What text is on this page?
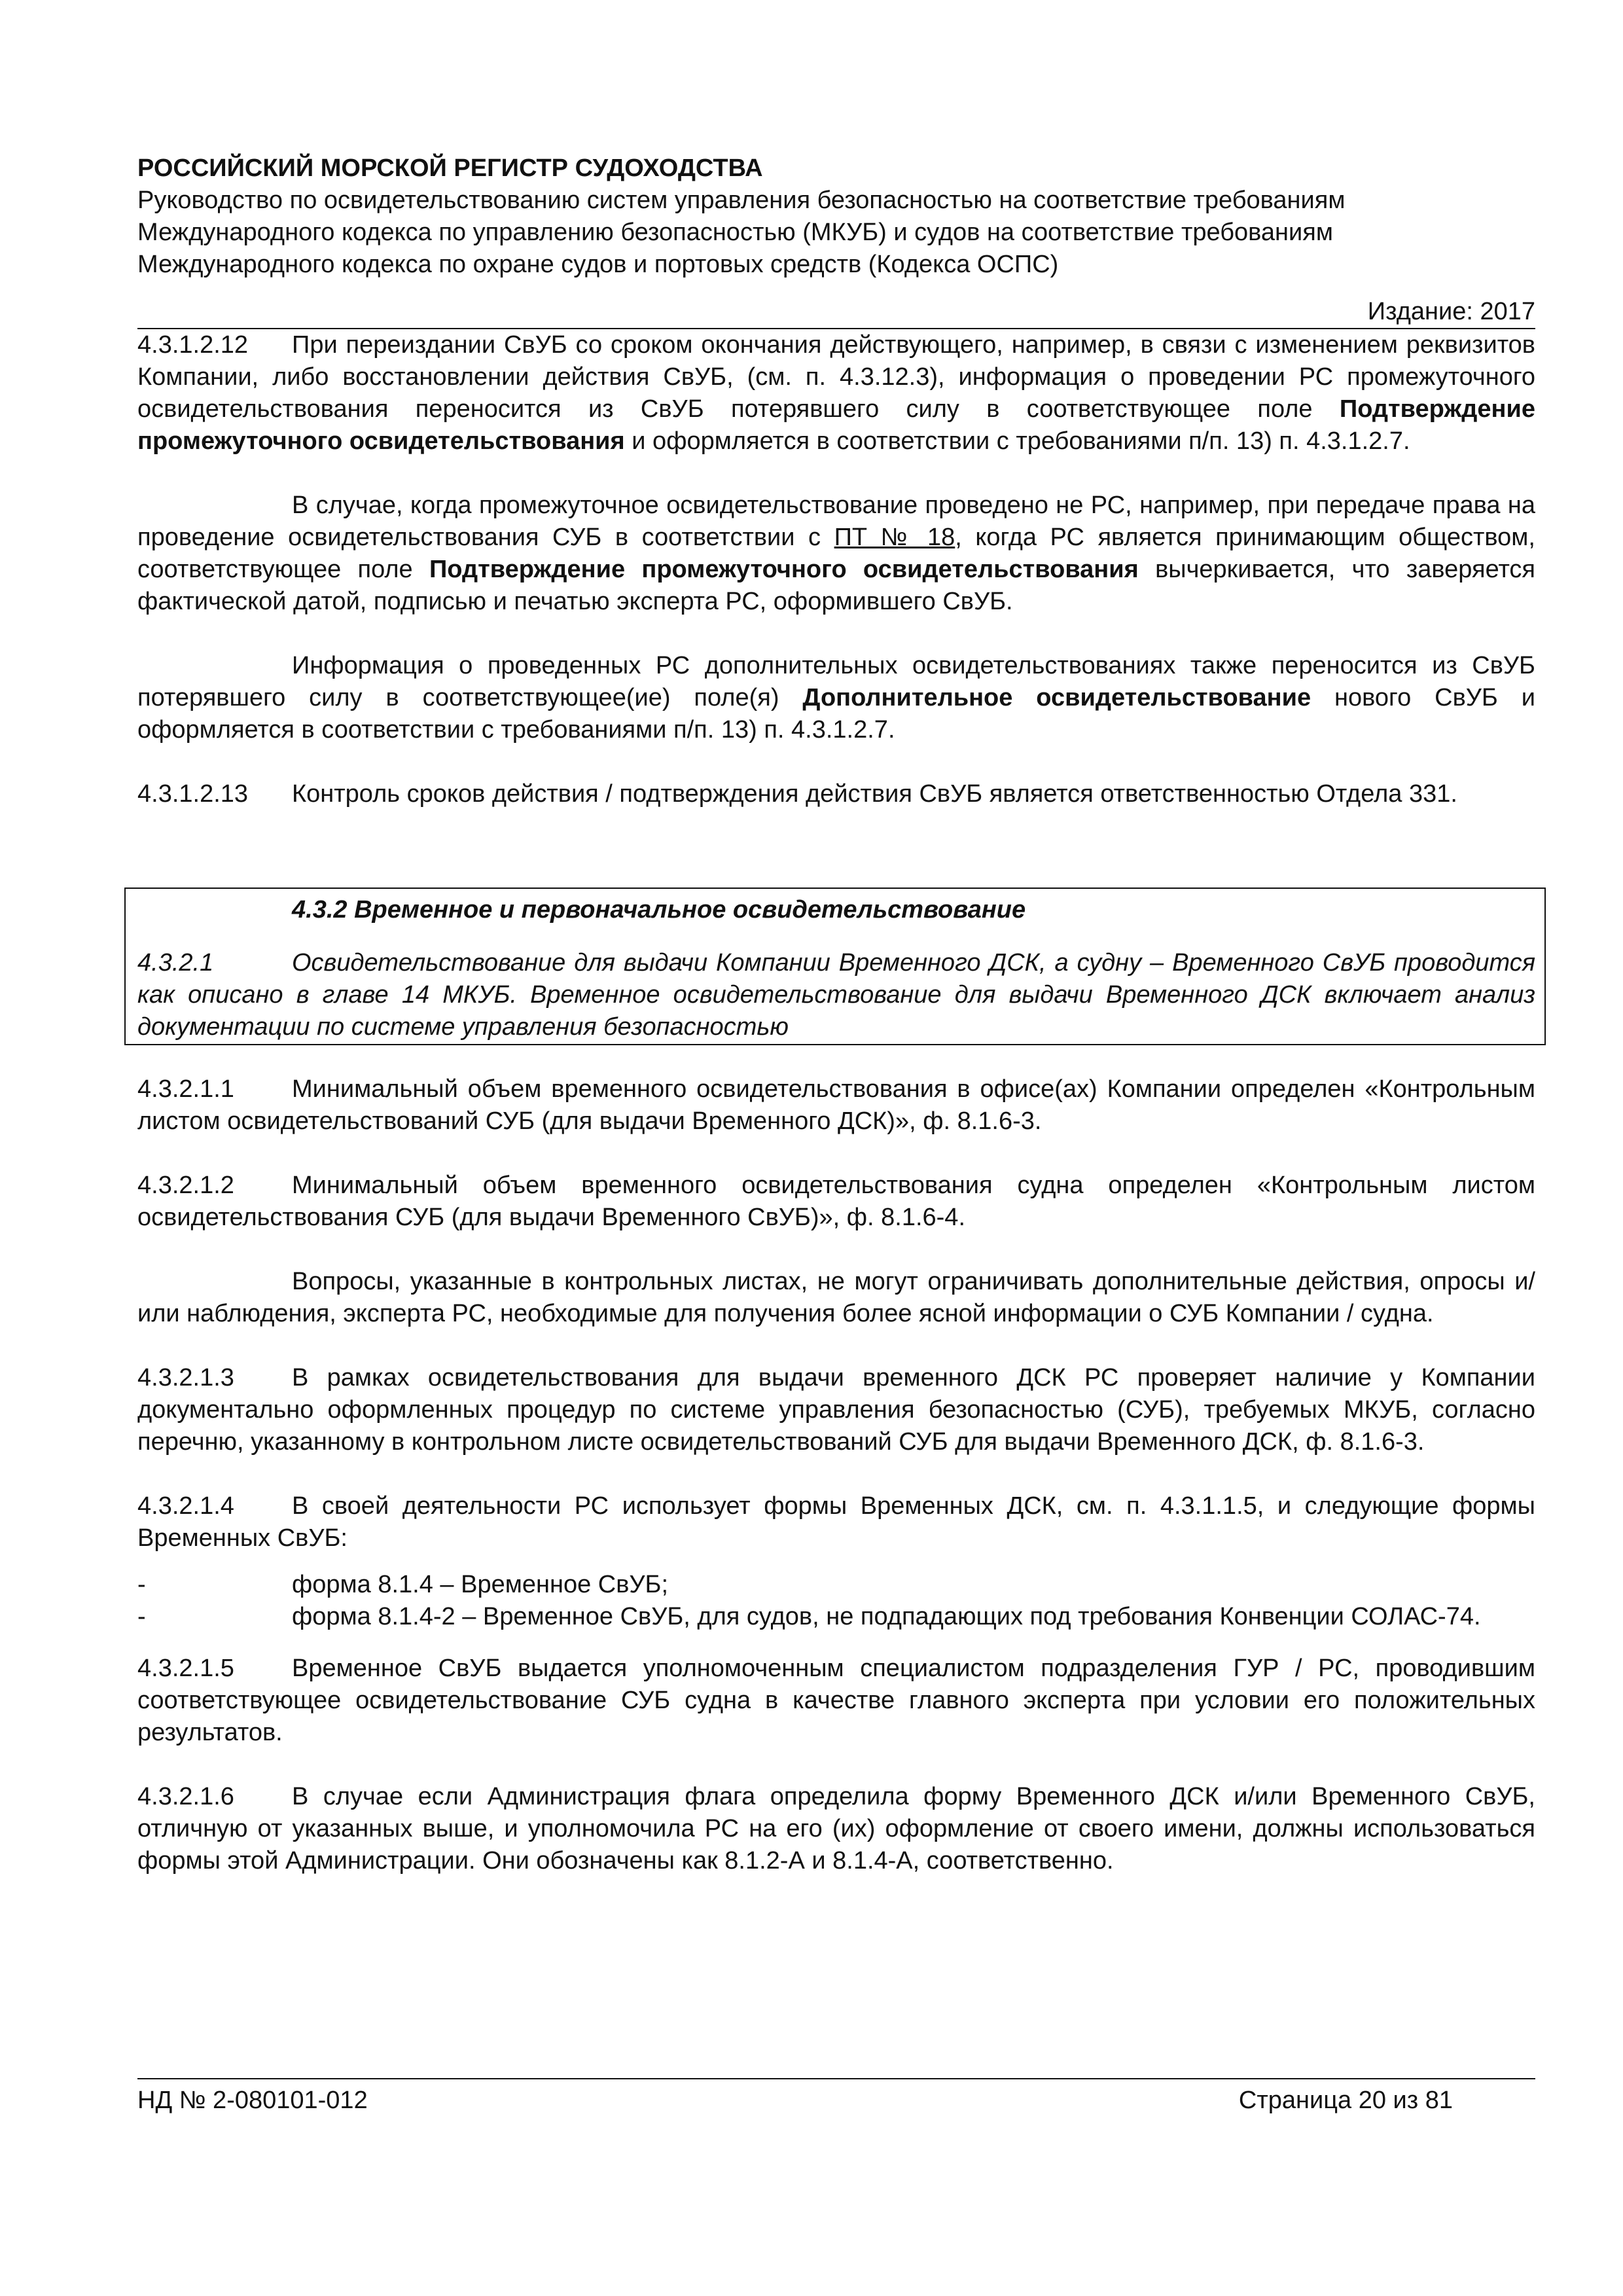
РОССИЙСКИЙ МОРСКОЙ РЕГИСТР СУДОХОДСТВА
Руководство по освидетельствованию систем управления безопасностью на соответствие требованиям
Международного кодекса по управлению безопасностью (МКУБ) и судов на соответствие требованиям
Международного кодекса по охране судов и портовых средств (Кодекса ОСПС)
Издание: 2017

4.3.1.2.12 При переиздании СвУБ со сроком окончания действующего, например, в связи с изменением реквизитов Компании, либо восстановлении действия СвУБ, (см. п. 4.3.12.3), информация о проведении РС промежуточного освидетельствования переносится из СвУБ потерявшего силу в соответствующее поле Подтверждение промежуточного освидетельствования и оформляется в соответствии с требованиями п/п. 13) п. 4.3.1.2.7.

В случае, когда промежуточное освидетельствование проведено не РС, например, при передаче права на проведение освидетельствования СУБ в соответствии с ПТ № 18, когда РС является принимающим обществом, соответствующее поле Подтверждение промежуточного освидетельствования вычеркивается, что заверяется фактической датой, подписью и печатью эксперта РС, оформившего СвУБ.

Информация о проведенных РС дополнительных освидетельствованиях также переносится из СвУБ потерявшего силу в соответствующее(ие) поле(я) Дополнительное освидетельствование нового СвУБ и оформляется в соответствии с требованиями п/п. 13) п. 4.3.1.2.7.

4.3.1.2.13 Контроль сроков действия / подтверждения действия СвУБ является ответственностью Отдела 331.

4.3.2 Временное и первоначальное освидетельствование

4.3.2.1	Освидетельствование для выдачи Компании Временного ДСК, а судну – Временного СвУБ проводится как описано в главе 14 МКУБ. Временное освидетельствование для выдачи Временного ДСК включает анализ документации по системе управления безопасностью

4.3.2.1.1 Минимальный объем временного освидетельствования в офисе(ах) Компании определен «Контрольным листом освидетельствований СУБ (для выдачи Временного ДСК)», ф. 8.1.6-3.

4.3.2.1.2 Минимальный объем временного освидетельствования судна определен «Контрольным листом освидетельствования СУБ (для выдачи Временного СвУБ)», ф. 8.1.6-4.

Вопросы, указанные в контрольных листах, не могут ограничивать дополнительные действия, опросы и/или наблюдения, эксперта РС, необходимые для получения более ясной информации о СУБ Компании / судна.

4.3.2.1.3 В рамках освидетельствования для выдачи временного ДСК РС проверяет наличие у Компании документально оформленных процедур по системе управления безопасностью (СУБ), требуемых МКУБ, согласно перечню, указанному в контрольном листе освидетельствований СУБ для выдачи Временного ДСК, ф. 8.1.6-3.

4.3.2.1.4 В своей деятельности РС использует формы Временных ДСК, см. п. 4.3.1.1.5, и следующие формы Временных СвУБ:

-	форма 8.1.4 – Временное СвУБ;
-	форма 8.1.4-2 – Временное СвУБ, для судов, не подпадающих под требования Конвенции СОЛАС-74.

4.3.2.1.5 Временное СвУБ выдается уполномоченным специалистом подразделения ГУР / РС, проводившим соответствующее освидетельствование СУБ судна в качестве главного эксперта при условии его положительных результатов.

4.3.2.1.6 В случае если Администрация флага определила форму Временного ДСК и/или Временного СвУБ, отличную от указанных выше, и уполномочила РС на его (их) оформление от своего имени, должны использоваться формы этой Администрации. Они обозначены как 8.1.2-А и 8.1.4-А, соответственно.

НД № 2-080101-012	Страница 20 из 81
